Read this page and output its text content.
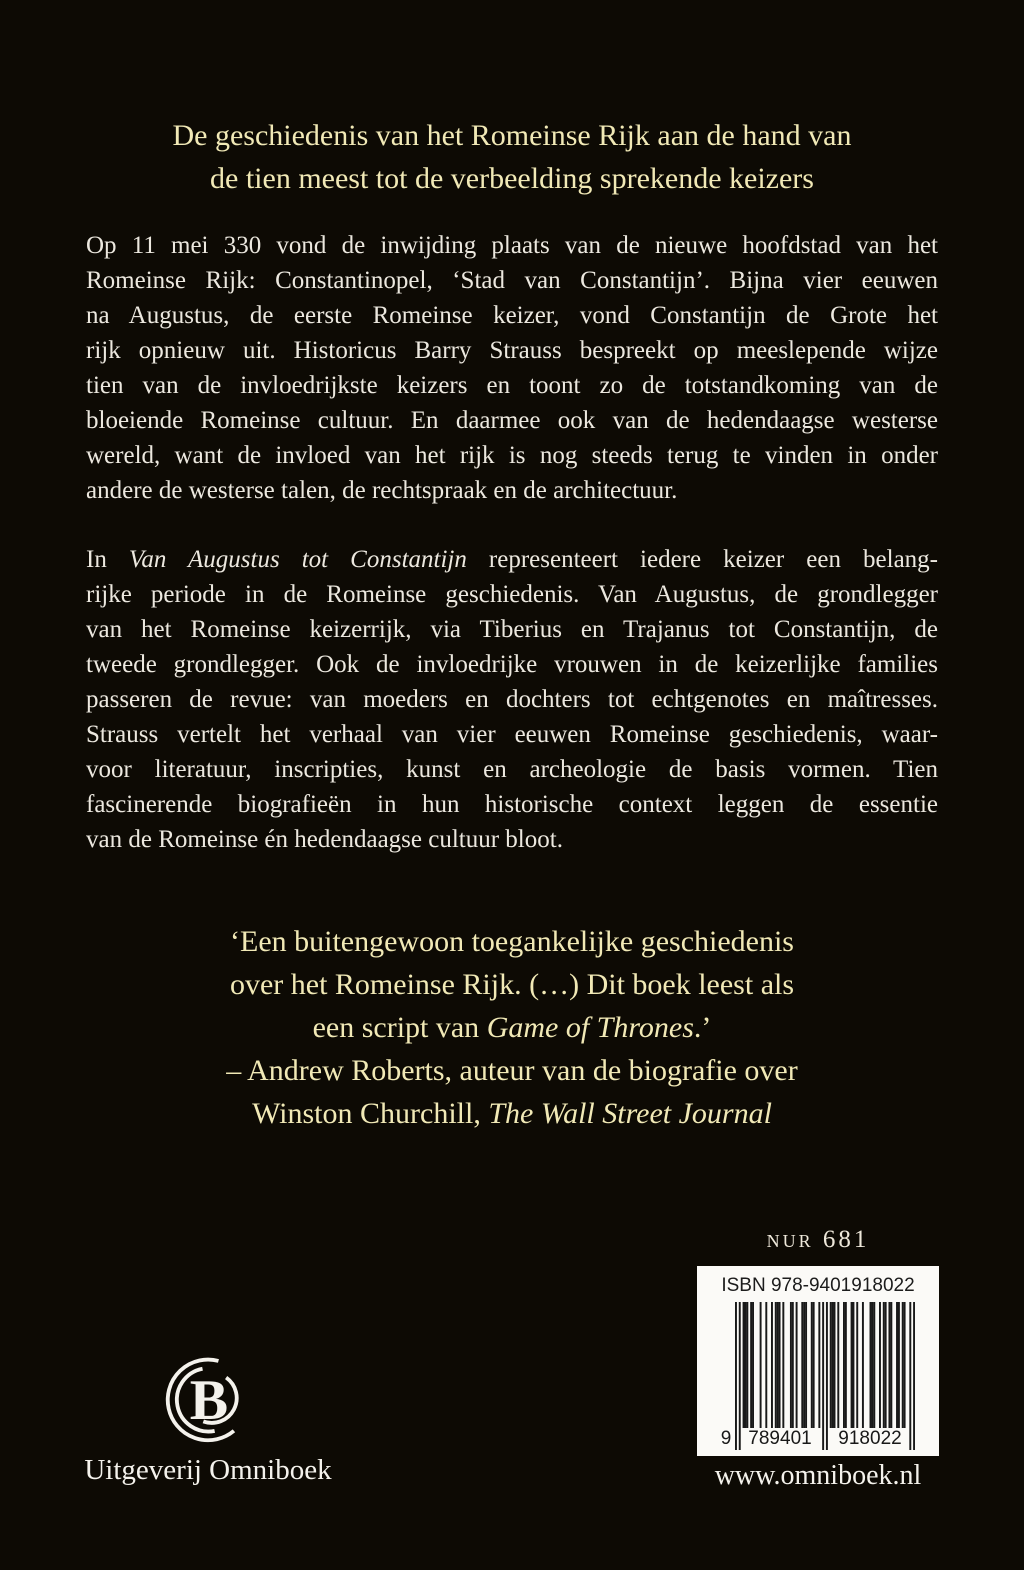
De geschiedenis van het Romeinse Rijk aan de hand van
de tien meest tot de verbeelding sprekende keizers
Op 11 mei 330 vond de inwijding plaats van de nieuwe hoofdstad van het
Romeinse Rijk: Constantinopel, ‘Stad van Constantijn’. Bijna vier eeuwen
na Augustus, de eerste Romeinse keizer, vond Constantijn de Grote het
rijk opnieuw uit. Historicus Barry Strauss bespreekt op meeslepende wijze
tien van de invloedrijkste keizers en toont zo de totstandkoming van de
bloeiende Romeinse cultuur. En daarmee ook van de hedendaagse westerse
wereld, want de invloed van het rijk is nog steeds terug te vinden in onder
andere de westerse talen, de rechtspraak en de architectuur.
In Van Augustus tot Constantijn representeert iedere keizer een belang-
rijke periode in de Romeinse geschiedenis. Van Augustus, de grondlegger
van het Romeinse keizerrijk, via Tiberius en Trajanus tot Constantijn, de
tweede grondlegger. Ook de invloedrijke vrouwen in de keizerlijke families
passeren de revue: van moeders en dochters tot echtgenotes en maîtresses.
Strauss vertelt het verhaal van vier eeuwen Romeinse geschiedenis, waar-
voor literatuur, inscripties, kunst en archeologie de basis vormen. Tien
fascinerende biografieën in hun historische context leggen de essentie
van de Romeinse én hedendaagse cultuur bloot.
‘Een buitengewoon toegankelijke geschiedenis
over het Romeinse Rijk. (…) Dit boek leest als
een script van Game of Thrones.’
– Andrew Roberts, auteur van de biografie over
Winston Churchill, The Wall Street Journal
nur 681
ISBN 978-9401918022
9 789401	918022
B
Uitgeverij Omniboek	www.omniboek.nl
